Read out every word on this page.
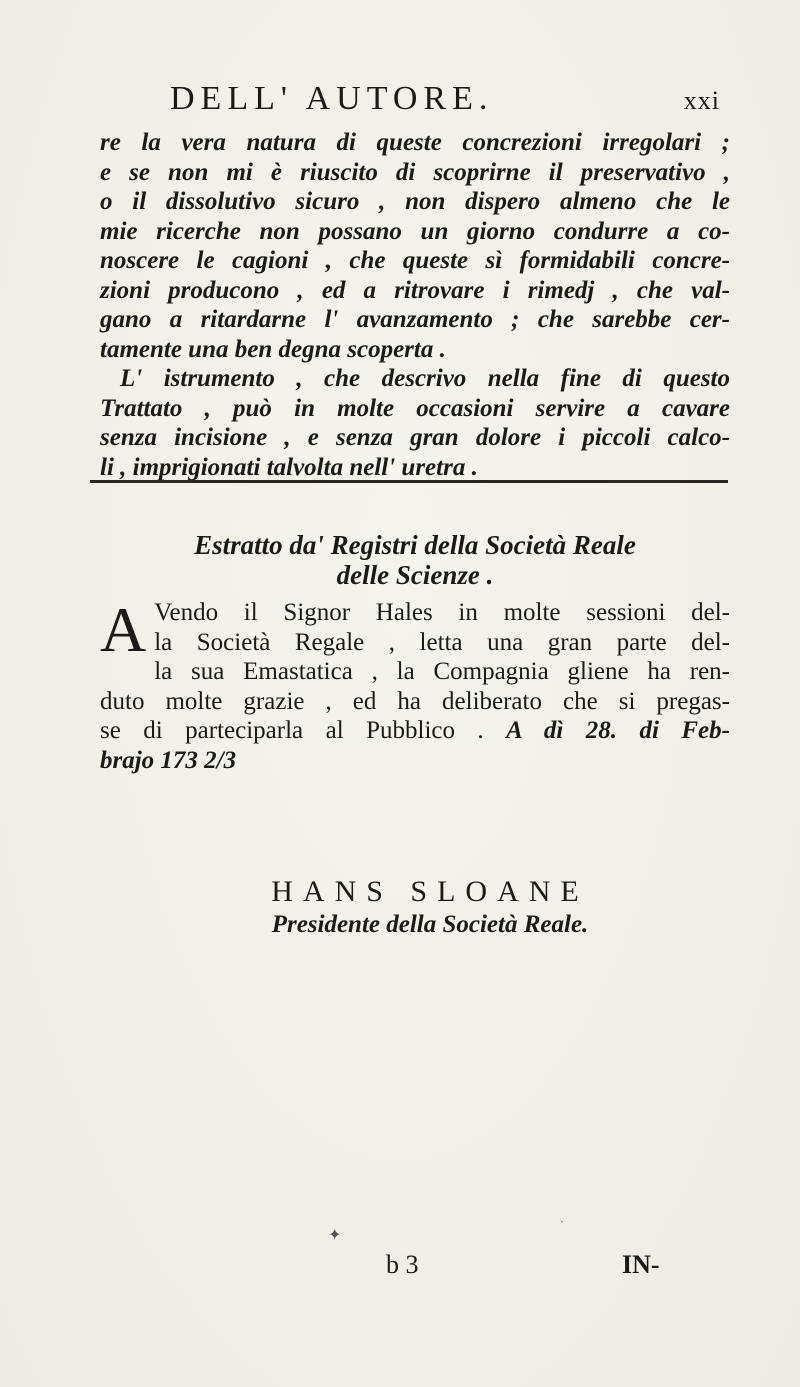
DELL' AUTORE.	xxi
re la vera natura di queste concrezioni irregolari ;
e se non mi è riuscito di scoprirne il preservativo ,
o il dissolutivo sicuro , non dispero almeno che le
mie ricerche non possano un giorno condurre a co-
noscere le cagioni , che queste sì formidabili concre-
zioni producono , ed a ritrovare i rimedj , che val-
gano a ritardarne l' avanzamento ; che sarebbe cer-
tamente una ben degna scoperta .
L' istrumento , che descrivo nella fine di questo
Trattato , può in molte occasioni servire a cavare
senza incisione , e senza gran dolore i piccoli calco-
li , imprigionati talvolta nell' uretra .
Estratto da' Registri della Società Reale
delle Scienze .
A Vendo il Signor Hales in molte sessioni del-
la Società Regale , letta una gran parte del-
la sua Emastatica , la Compagnia gliene ha ren-
duto molte grazie , ed ha deliberato che si pregas-
se di parteciparla al Pubblico . A dì 28. di Feb-
brajo 173 2/3
HANS SLOANE
Presidente della Società Reale.
b 3	IN-
✦
·
